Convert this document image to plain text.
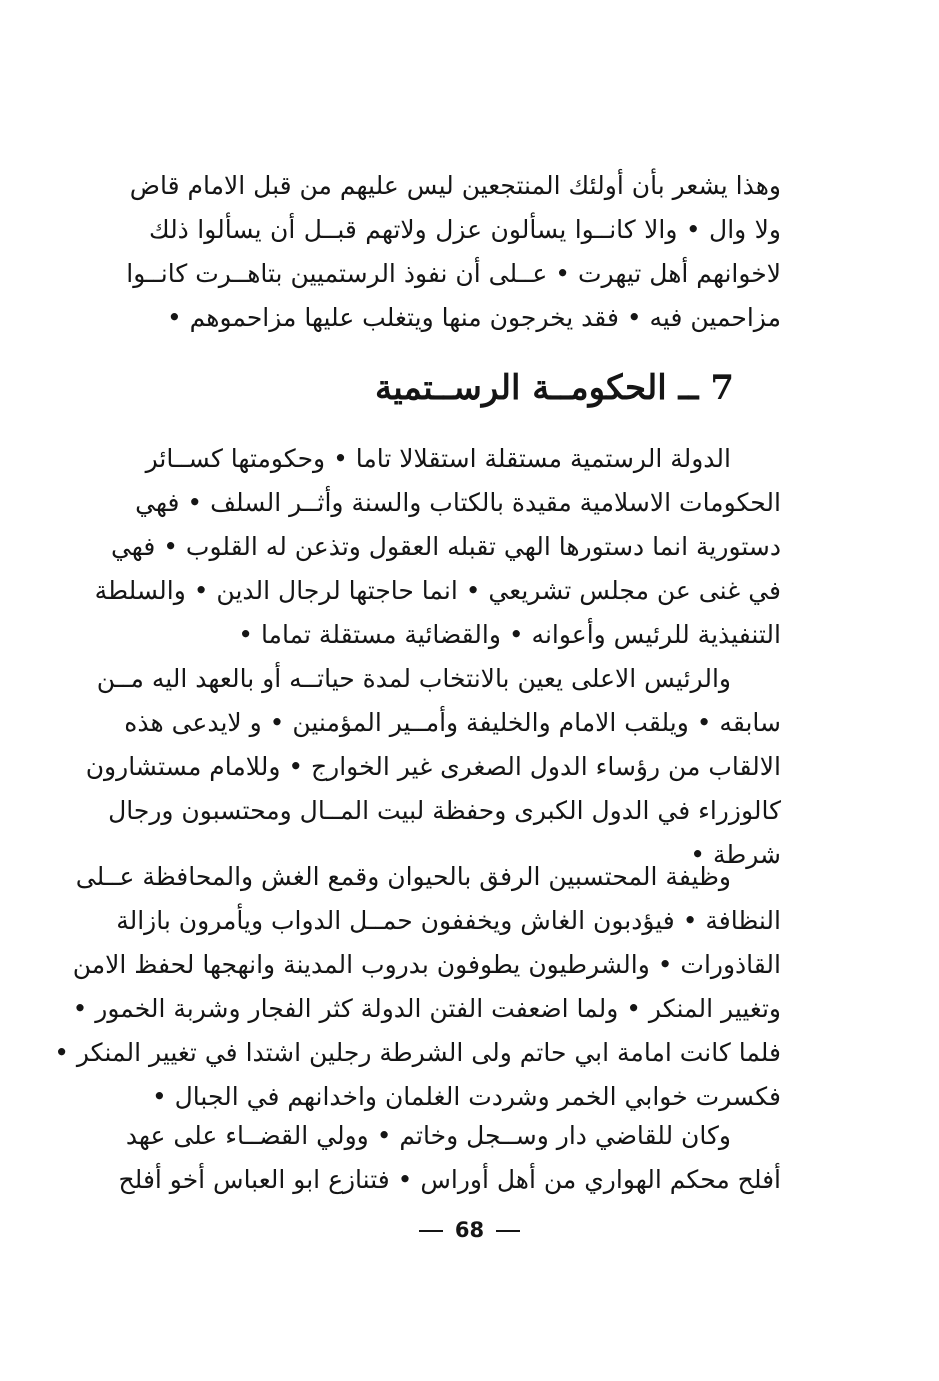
وهذا يشعر بأن أولئك المنتجعين ليس عليهم من قبل الامام قاض
ولا وال • والا كانــوا يسألون عزل ولاتهم قبــل أن يسألوا ذلك
لاخوانهم أهل تيهرت • عــلى أن نفوذ الرستميين بتاهــرت كانــوا
مزاحمين فيه • فقد يخرجون منها ويتغلب عليها مزاحموهم •
7 ــ الحكومــة الرســتمية
الدولة الرستمية مستقلة استقلالا تاما • وحكومتها كســائر
الحكومات الاسلامية مقيدة بالكتاب والسنة وأثــر السلف • فهي
دستورية انما دستورها الهي تقبله العقول وتذعن له القلوب • فهي
في غنى عن مجلس تشريعي • انما حاجتها لرجال الدين • والسلطة
التنفيذية للرئيس وأعوانه • والقضائية مستقلة تماما •
والرئيس الاعلى يعين بالانتخاب لمدة حياتــه أو بالعهد اليه مــن
سابقه • ويلقب الامام والخليفة وأمــير المؤمنين • و لايدعى هذه
الالقاب من رؤساء الدول الصغرى غير الخوارج • وللامام مستشارون
كالوزراء في الدول الكبرى وحفظة لبيت المــال ومحتسبون ورجال
شرطة •
وظيفة المحتسبين الرفق بالحيوان وقمع الغش والمحافظة عــلى
النظافة • فيؤدبون الغاش ويخففون حمــل الدواب ويأمرون بازالة
القاذورات • والشرطيون يطوفون بدروب المدينة وانهجها لحفظ الامن
وتغيير المنكر • ولما اضعفت الفتن الدولة كثر الفجار وشربة الخمور •
فلما كانت امامة ابي حاتم ولى الشرطة رجلين اشتدا في تغيير المنكر •
فكسرت خوابي الخمر وشردت الغلمان واخدانهم في الجبال •
وكان للقاضي دار وســجل وخاتم • وولي القضــاء على عهد
أفلح محكم الهواري من أهل أوراس • فتنازع ابو العباس أخو أفلح
68
